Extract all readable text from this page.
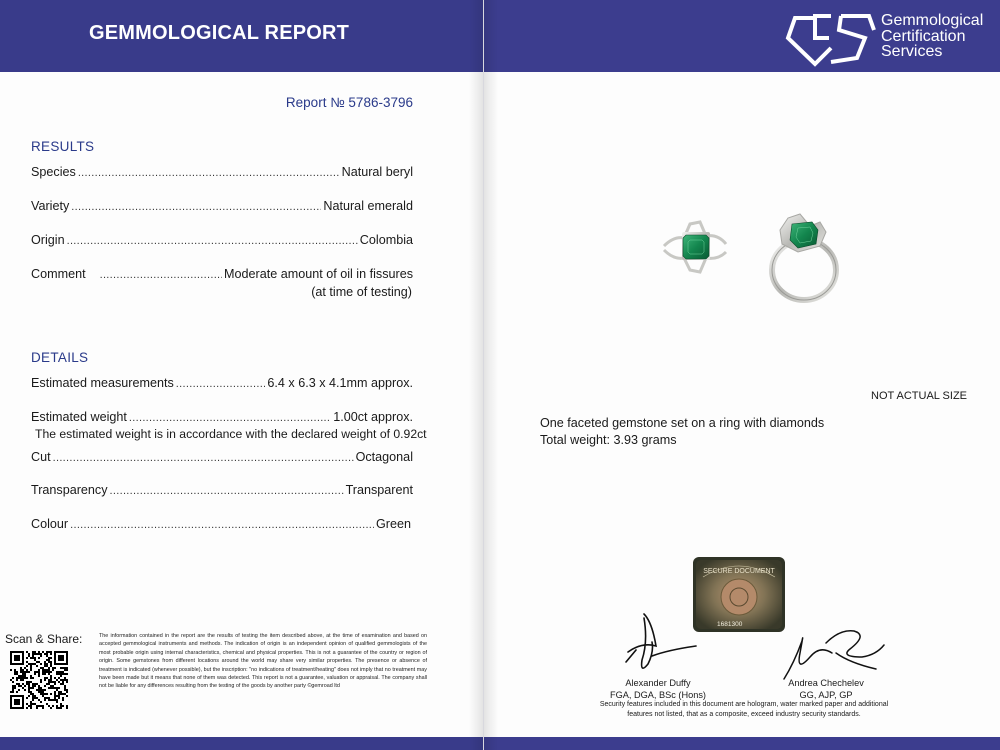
GEMMOLOGICAL REPORT
Report № 5786-3796
RESULTS
Species .....	Natural beryl
Variety .....	Natural emerald
Origin .....	Colombia
Comment .....	Moderate amount of oil in fissures
(at time of testing)
DETAILS
Estimated measurements .....	6.4 x 6.3 x 4.1mm approx.
Estimated weight .....	1.00ct approx.
The estimated weight is in accordance with the declared weight of 0.92ct
Cut .....	Octagonal
Transparency .....	Transparent
Colour .....	Green
Scan & Share:	The information contained in the report are the results of testing the item described above, at the time of examination and based on accepted gemmological instruments and methods. The indication of origin is an independent opinion of qualified gemmologists of the most probable origin using internal characteristics, chemical and physical properties. This is not a guarantee of the country or region of origin. Some gemstones from different locations around the world may share very similar properties. The presence or absence of treatment is indicated (whenever possible), but the inscription: "no indications of treatment/heating" does not imply that no treatment may have been made but it means that none of them was detected. This report is not a guarantee, valuation or appraisal. The company shall not be liable for any differences resulting from the testing of the goods by another party ©gemroad ltd
Gemmological
Certification
Services
NOT ACTUAL SIZE
One faceted gemstone set on a ring with diamonds
Total weight: 3.93 grams
SECURE DOCUMENT
1681300
Alexander Duffy
FGA, DGA, BSc (Hons)
Andrea Chechelev
GG, AJP, GP
Security features included in this document are hologram, water marked paper and additional
features not listed, that as a composite, exceed industry security standards.
